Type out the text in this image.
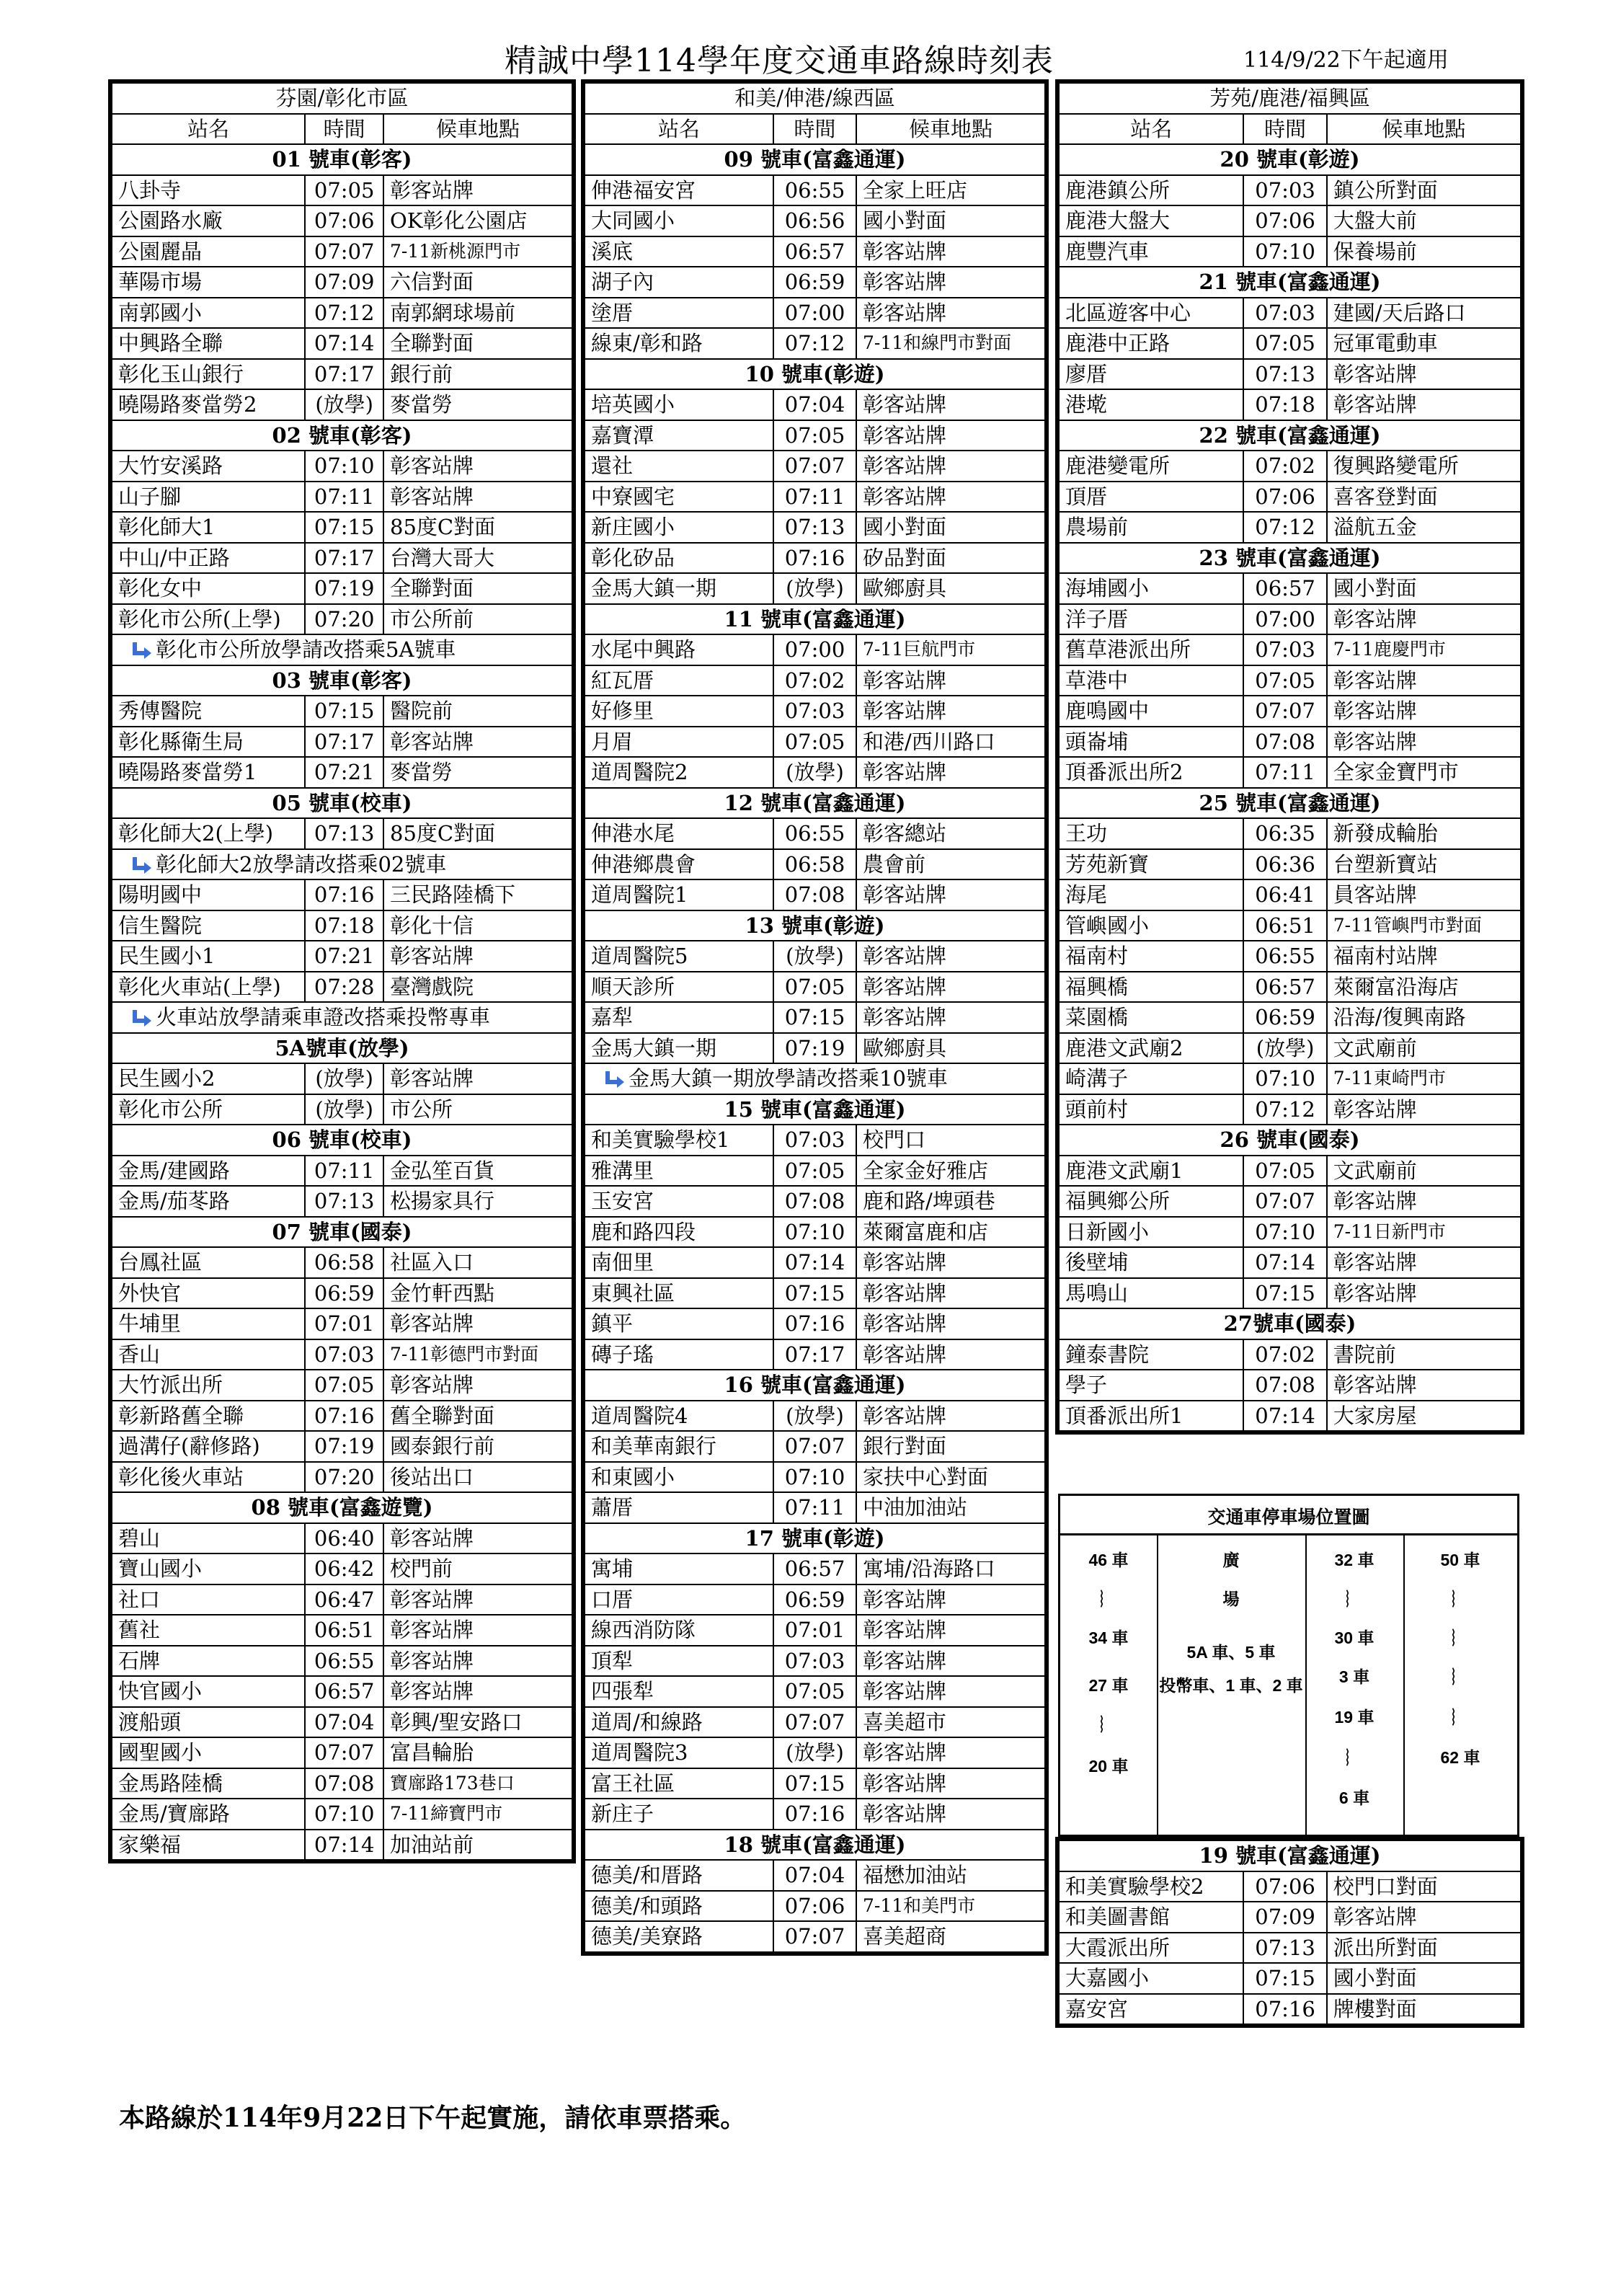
精誠中學114學年度交通車路線時刻表	114/9/22下午起適用
芬園/彰化市區		
站名	時間	候車地點
01 號車(彰客)		
八卦寺	07:05	彰客站牌
公園路水廠	07:06	OK彰化公園店
公園麗晶	07:07	7-11新桃源門市
華陽市場	07:09	六信對面
南郭國小	07:12	南郭網球場前
中興路全聯	07:14	全聯對面
彰化玉山銀行	07:17	銀行前
曉陽路麥當勞2	(放學)	麥當勞
02 號車(彰客)		
大竹安溪路	07:10	彰客站牌
山子腳	07:11	彰客站牌
彰化師大1	07:15	85度C對面
中山/中正路	07:17	台灣大哥大
彰化女中	07:19	全聯對面
彰化市公所(上學)	07:20	市公所前

彰化市公所放學請改搭乘5A號車		
03 號車(彰客)		
秀傳醫院	07:15	醫院前
彰化縣衛生局	07:17	彰客站牌
曉陽路麥當勞1	07:21	麥當勞
05 號車(校車)		
彰化師大2(上學)	07:13	85度C對面

彰化師大2放學請改搭乘02號車		
陽明國中	07:16	三民路陸橋下
信生醫院	07:18	彰化十信
民生國小1	07:21	彰客站牌
彰化火車站(上學)	07:28	臺灣戲院

火車站放學請乘車證改搭乘投幣專車		
5A號車(放學)		
民生國小2	(放學)	彰客站牌
彰化市公所	(放學)	市公所
06 號車(校車)		
金馬/建國路	07:11	金弘笙百貨
金馬/茄苳路	07:13	松揚家具行
07 號車(國泰)		
台鳳社區	06:58	社區入口
外快官	06:59	金竹軒西點
牛埔里	07:01	彰客站牌
香山	07:03	7-11彰德門市對面
大竹派出所	07:05	彰客站牌
彰新路舊全聯	07:16	舊全聯對面
過溝仔(辭修路)	07:19	國泰銀行前
彰化後火車站	07:20	後站出口
08 號車(富鑫遊覽)		
碧山	06:40	彰客站牌
寶山國小	06:42	校門前
社口	06:47	彰客站牌
舊社	06:51	彰客站牌
石牌	06:55	彰客站牌
快官國小	06:57	彰客站牌
渡船頭	07:04	彰興/聖安路口
國聖國小	07:07	富昌輪胎
金馬路陸橋	07:08	寶廍路173巷口
金馬/寶廍路	07:10	7-11締寶門市
家樂福	07:14	加油站前
和美/伸港/線西區		
站名	時間	候車地點
09 號車(富鑫通運)		
伸港福安宮	06:55	全家上旺店
大同國小	06:56	國小對面
溪底	06:57	彰客站牌
湖子內	06:59	彰客站牌
塗厝	07:00	彰客站牌
線東/彰和路	07:12	7-11和線門市對面
10 號車(彰遊)		
培英國小	07:04	彰客站牌
嘉寶潭	07:05	彰客站牌
還社	07:07	彰客站牌
中寮國宅	07:11	彰客站牌
新庄國小	07:13	國小對面
彰化矽品	07:16	矽品對面
金馬大鎮一期	(放學)	歐鄉廚具
11 號車(富鑫通運)		
水尾中興路	07:00	7-11巨航門市
紅瓦厝	07:02	彰客站牌
好修里	07:03	彰客站牌
月眉	07:05	和港/西川路口
道周醫院2	(放學)	彰客站牌
12 號車(富鑫通運)		
伸港水尾	06:55	彰客總站
伸港鄉農會	06:58	農會前
道周醫院1	07:08	彰客站牌
13 號車(彰遊)		
道周醫院5	(放學)	彰客站牌
順天診所	07:05	彰客站牌
嘉犁	07:15	彰客站牌
金馬大鎮一期	07:19	歐鄉廚具

金馬大鎮一期放學請改搭乘10號車		
15 號車(富鑫通運)		
和美實驗學校1	07:03	校門口
雅溝里	07:05	全家金好雅店
玉安宮	07:08	鹿和路/埤頭巷
鹿和路四段	07:10	萊爾富鹿和店
南佃里	07:14	彰客站牌
東興社區	07:15	彰客站牌
鎮平	07:16	彰客站牌
磚子瑤	07:17	彰客站牌
16 號車(富鑫通運)		
道周醫院4	(放學)	彰客站牌
和美華南銀行	07:07	銀行對面
和東國小	07:10	家扶中心對面
蕭厝	07:11	中油加油站
17 號車(彰遊)		
寓埔	06:57	寓埔/沿海路口
口厝	06:59	彰客站牌
線西消防隊	07:01	彰客站牌
頂犁	07:03	彰客站牌
四張犁	07:05	彰客站牌
道周/和線路	07:07	喜美超市
道周醫院3	(放學)	彰客站牌
富王社區	07:15	彰客站牌
新庄子	07:16	彰客站牌
18 號車(富鑫通運)		
德美/和厝路	07:04	福懋加油站
德美/和頭路	07:06	7-11和美門市
德美/美寮路	07:07	喜美超商
芳苑/鹿港/福興區		
站名	時間	候車地點
20 號車(彰遊)		
鹿港鎮公所	07:03	鎮公所對面
鹿港大盤大	07:06	大盤大前
鹿豐汽車	07:10	保養場前
21 號車(富鑫通運)		
北區遊客中心	07:03	建國/天后路口
鹿港中正路	07:05	冠軍電動車
廖厝	07:13	彰客站牌
港墘	07:18	彰客站牌
22 號車(富鑫通運)		
鹿港變電所	07:02	復興路變電所
頂厝	07:06	喜客登對面
農場前	07:12	溢航五金
23 號車(富鑫通運)		
海埔國小	06:57	國小對面
洋子厝	07:00	彰客站牌
舊草港派出所	07:03	7-11鹿慶門市
草港中	07:05	彰客站牌
鹿鳴國中	07:07	彰客站牌
頭崙埔	07:08	彰客站牌
頂番派出所2	07:11	全家金寶門市
25 號車(富鑫通運)		
王功	06:35	新發成輪胎
芳苑新寶	06:36	台塑新寶站
海尾	06:41	員客站牌
管嶼國小	06:51	7-11管嶼門市對面
福南村	06:55	福南村站牌
福興橋	06:57	萊爾富沿海店
菜園橋	06:59	沿海/復興南路
鹿港文武廟2	(放學)	文武廟前
崎溝子	07:10	7-11東崎門市
頭前村	07:12	彰客站牌
26 號車(國泰)		
鹿港文武廟1	07:05	文武廟前
福興鄉公所	07:07	彰客站牌
日新國小	07:10	7-11日新門市
後壁埔	07:14	彰客站牌
馬鳴山	07:15	彰客站牌
27號車(國泰)		
鐘泰書院	07:02	書院前
學子	07:08	彰客站牌
頂番派出所1	07:14	大家房屋
19 號車(富鑫通運)		
和美實驗學校2	07:06	校門口對面
和美圖書館	07:09	彰客站牌
大霞派出所	07:13	派出所對面
大嘉國小	07:15	國小對面
嘉安宮	07:16	牌樓對面
交通車停車場位置圖
46 車
︴
34 車
27 車
︴
20 車
廣
場
5A 車、5 車
投幣車、1 車、2 車
32 車
︴
30 車
3 車
19 車
︴
6 車
50 車
︴
︴
︴
︴
62 車
本路線於114年9月22日下午起實施，請依車票搭乘。
